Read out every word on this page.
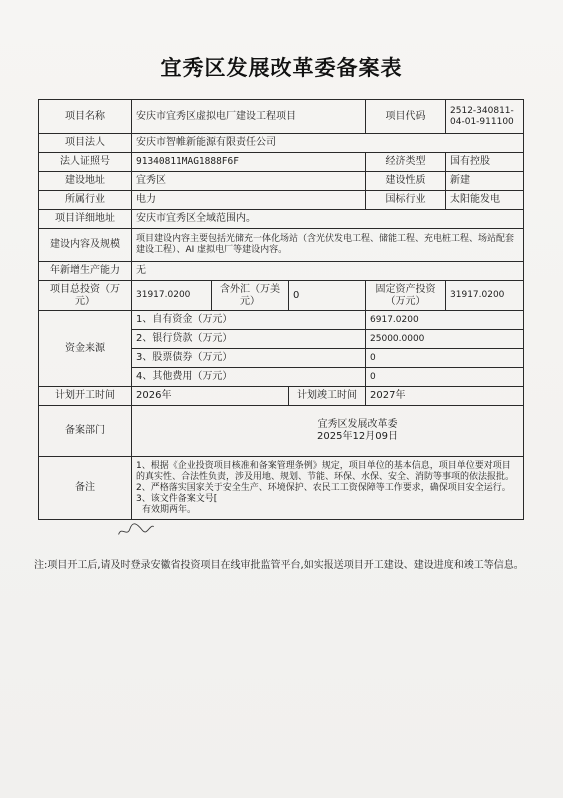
宜秀区发展改革委备案表
项目名称	安庆市宜秀区虚拟电厂建设工程项目			项目代码	2512-340811-04-01-911100
项目法人	安庆市智帷新能源有限责任公司				
法人证照号	91340811MAG1888F6F			经济类型	国有控股
建设地址	宜秀区			建设性质	新建
所属行业	电力			国标行业	太阳能发电
项目详细地址	安庆市宜秀区全域范围内。				
建设内容及规模	项目建设内容主要包括光储充一体化场站（含光伏发电工程、储能工程、充电桩工程、场站配套建设工程）、AI 虚拟电厂等建设内容。				
年新增生产能力	无				
项目总投资（万元）	31917.0200	含外汇（万美元）	0	固定资产投资（万元）	31917.0200
资金来源	1、自有资金（万元）			6917.0200	
	2、银行贷款（万元）			25000.0000	
	3、股票债券（万元）			0	
	4、其他费用（万元）			0	
计划开工时间	2026年		计划竣工时间	2027年	
备案部门	宜秀区发展改革委
2025年12月09日				

备注	1、根据《企业投资项目核准和备案管理条例》规定，项目单位的基本信息，项目单位要对项目的真实性、合法性负责，涉及用地、规划、节能、环保、水保、安全、消防等事项的依法报批。2、严格落实国家关于安全生产、环境保护、农民工工资保障等工作要求，确保项目安全运行。3、该文件备案文号[
有效期两年。				
注:项目开工后,请及时登录安徽省投资项目在线审批监管平台,如实报送项目开工建设、建设进度和竣工等信息。
